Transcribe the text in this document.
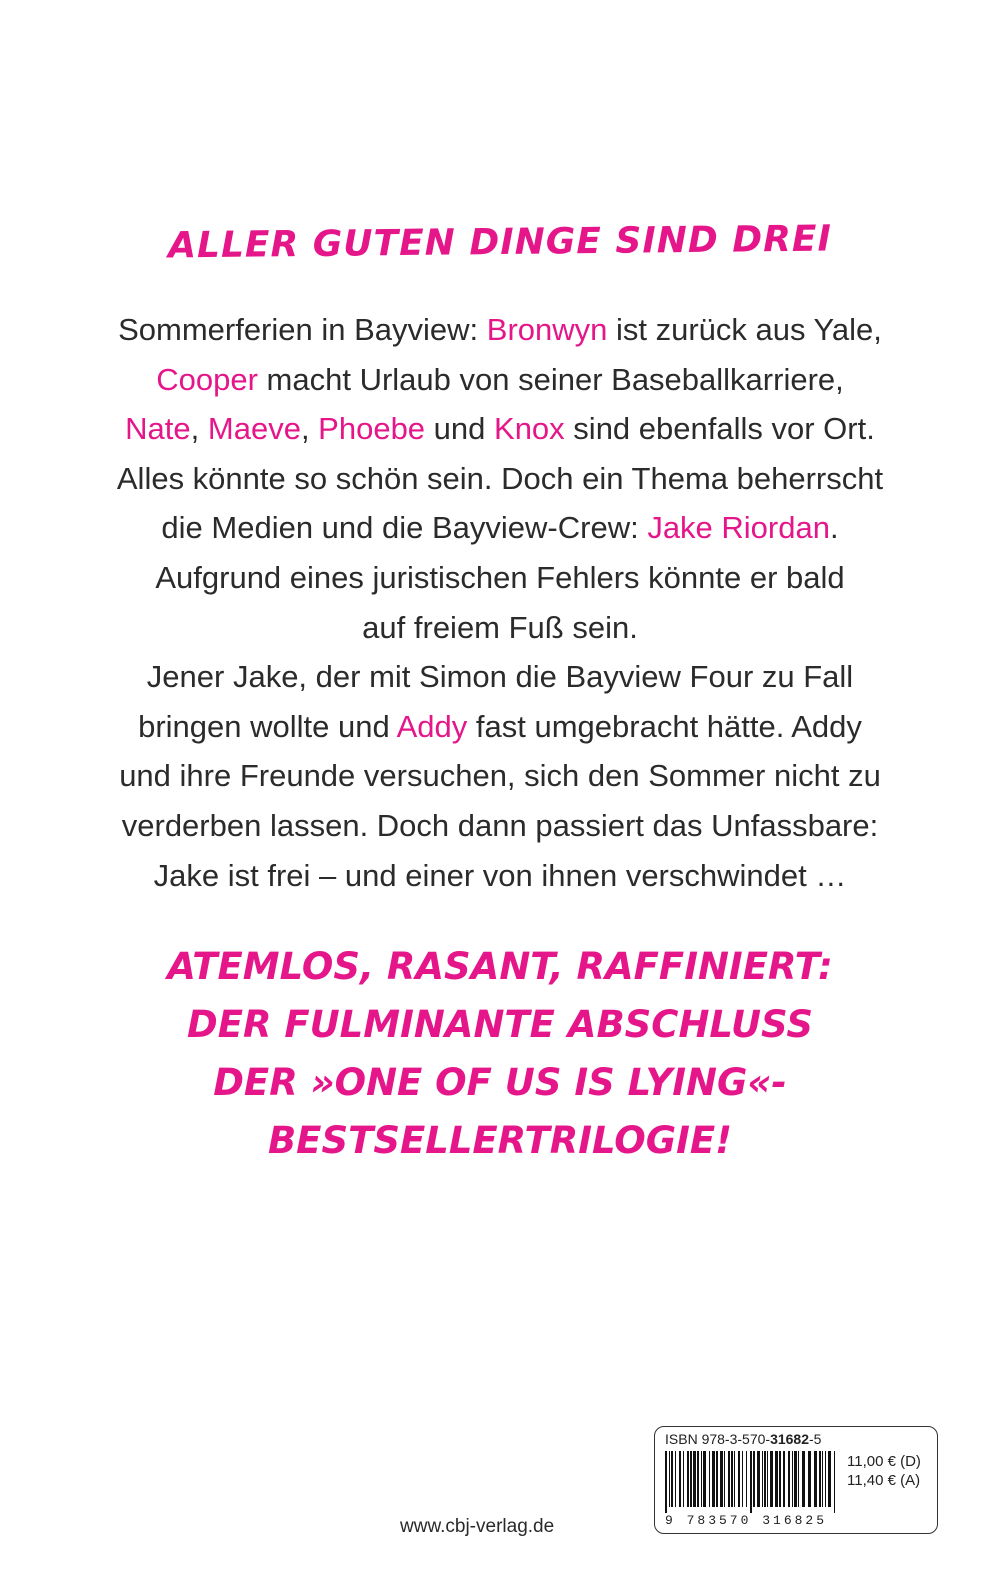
ALLER GUTEN DINGE SIND DREI
Sommerferien in Bayview: Bronwyn ist zurück aus Yale,
Cooper macht Urlaub von seiner Baseballkarriere,
Nate, Maeve, Phoebe und Knox sind ebenfalls vor Ort.
Alles könnte so schön sein. Doch ein Thema beherrscht
die Medien und die Bayview-Crew: Jake Riordan.
Aufgrund eines juristischen Fehlers könnte er bald
auf freiem Fuß sein.
Jener Jake, der mit Simon die Bayview Four zu Fall
bringen wollte und Addy fast umgebracht hätte. Addy
und ihre Freunde versuchen, sich den Sommer nicht zu
verderben lassen. Doch dann passiert das Unfassbare:
Jake ist frei – und einer von ihnen verschwindet …
ATEMLOS, RASANT, RAFFINIERT:
DER FULMINANTE ABSCHLUSS
DER »ONE OF US IS LYING«-
BESTSELLERTRILOGIE!
ISBN 978-3-570-31682-5
9 783570 316825
11,00 € (D)
11,40 € (A)
www.cbj-verlag.de
